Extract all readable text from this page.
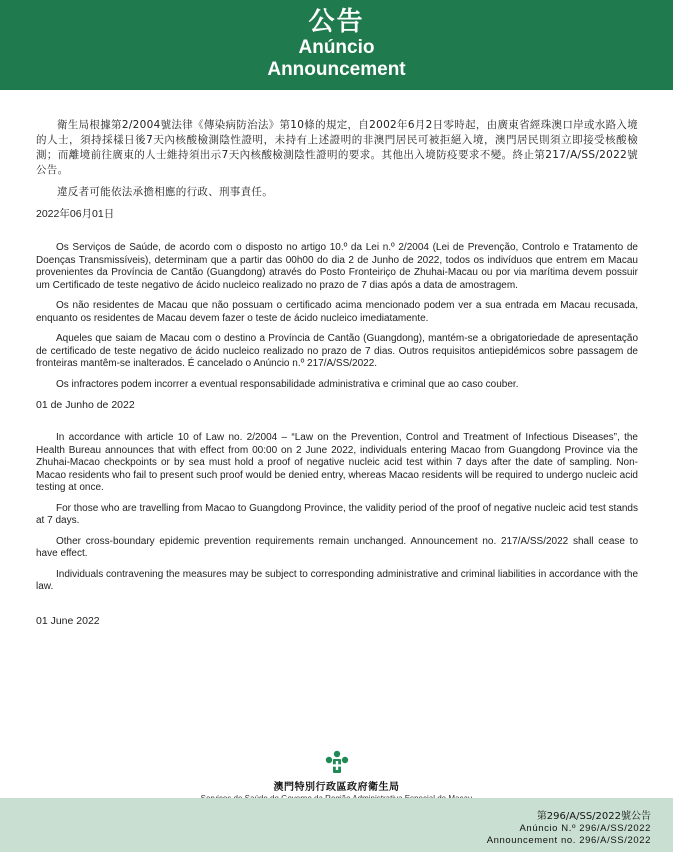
公告
Anúncio
Announcement

衛生局根據第2/2004號法律《傳染病防治法》第10條的規定，自2002年6月2日零時起，由廣東省經珠澳口岸或水路入境的人士，須持採樣日後7天內核酸檢測陰性證明，未持有上述證明的非澳門居民可被拒絕入境，澳門居民則須立即接受核酸檢測；而離境前往廣東的人士維持須出示7天內核酸檢測陰性證明的要求。其他出入境防疫要求不變。終止第217/A/SS/2022號公告。

違反者可能依法承擔相應的行政、刑事責任。

2022年06月01日

Os Serviços de Saúde, de acordo com o disposto no artigo 10.º da Lei n.º 2/2004 (Lei de Prevenção, Controlo e Tratamento de Doenças Transmissíveis), determinam que a partir das 00h00 do dia 2 de Junho de 2022, todos os indivíduos que entrem em Macau provenientes da Província de Cantão (Guangdong) através do Posto Fronteiriço de Zhuhai-Macau ou por via marítima devem possuir um Certificado de teste negativo de ácido nucleico realizado no prazo de 7 dias após a data de amostragem.

Os não residentes de Macau que não possuam o certificado acima mencionado podem ver a sua entrada em Macau recusada, enquanto os residentes de Macau devem fazer o teste de ácido nucleico imediatamente.

Aqueles que saiam de Macau com o destino a Província de Cantão (Guangdong), mantém-se a obrigatoriedade de apresentação de certificado de teste negativo de ácido nucleico realizado no prazo de 7 dias. Outros requisitos antiepidémicos sobre passagem de fronteiras mantêm-se inalterados. É cancelado o Anúncio n.º 217/A/SS/2022.

Os infractores podem incorrer a eventual responsabilidade administrativa e criminal que ao caso couber.

01 de Junho de 2022

In accordance with article 10 of Law no. 2/2004 – “Law on the Prevention, Control and Treatment of Infectious Diseases”, the Health Bureau announces that with effect from 00:00 on 2 June 2022, individuals entering Macao from Guangdong Province via the Zhuhai-Macao checkpoints or by sea must hold a proof of negative nucleic acid test within 7 days after the date of sampling. Non-Macao residents who fail to present such proof would be denied entry, whereas Macao residents will be required to undergo nucleic acid testing at once.

For those who are travelling from Macao to Guangdong Province, the validity period of the proof of negative nucleic acid test stands at 7 days.

Other cross-boundary epidemic prevention requirements remain unchanged. Announcement no. 217/A/SS/2022 shall cease to have effect.

Individuals contravening the measures may be subject to corresponding administrative and criminal liabilities in accordance with the law.

01 June 2022

澳門特別行政區政府衛生局
第296/A/SS/2022號公告
Anúncio N.º 296/A/SS/2022
Announcement no. 296/A/SS/2022
